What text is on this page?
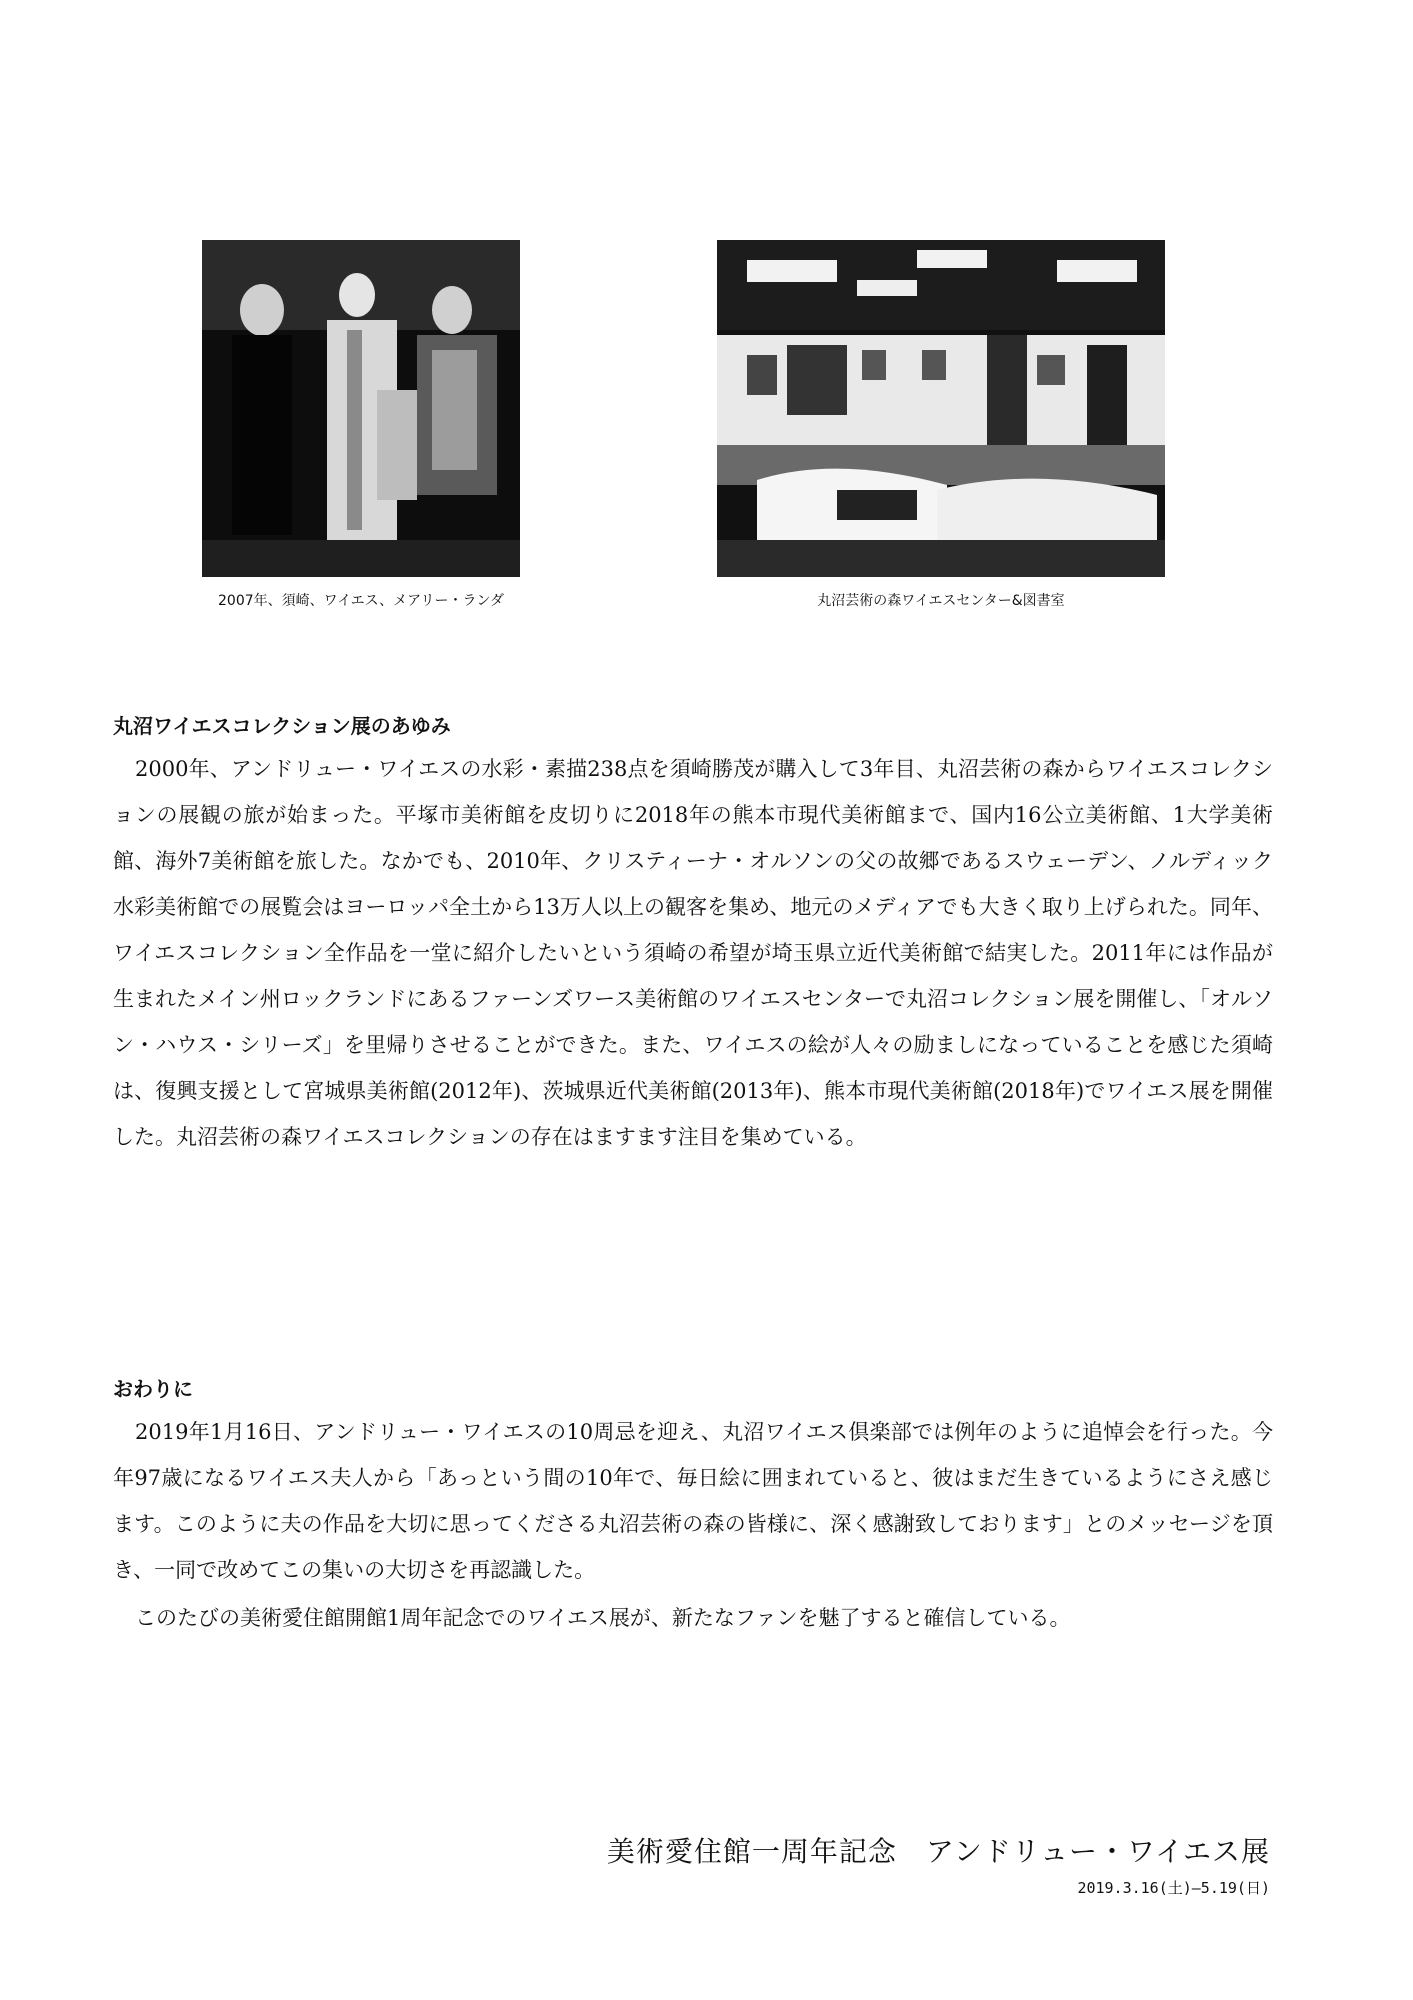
2007年、須崎、ワイエス、メアリー・ランダ	丸沼芸術の森ワイエスセンター&図書室
丸沼ワイエスコレクション展のあゆみ
2000年、アンドリュー・ワイエスの水彩・素描238点を須崎勝茂が購入して3年目、丸沼芸術の森からワイエスコレクションの展観の旅が始まった。平塚市美術館を皮切りに2018年の熊本市現代美術館まで、国内16公立美術館、1大学美術館、海外7美術館を旅した。なかでも、2010年、クリスティーナ・オルソンの父の故郷であるスウェーデン、ノルディック水彩美術館での展覧会はヨーロッパ全土から13万人以上の観客を集め、地元のメディアでも大きく取り上げられた。同年、ワイエスコレクション全作品を一堂に紹介したいという須崎の希望が埼玉県立近代美術館で結実した。2011年には作品が生まれたメイン州ロックランドにあるファーンズワース美術館のワイエスセンターで丸沼コレクション展を開催し、「オルソン・ハウス・シリーズ」を里帰りさせることができた。また、ワイエスの絵が人々の励ましになっていることを感じた須崎は、復興支援として宮城県美術館(2012年)、茨城県近代美術館(2013年)、熊本市現代美術館(2018年)でワイエス展を開催した。丸沼芸術の森ワイエスコレクションの存在はますます注目を集めている。
おわりに
2019年1月16日、アンドリュー・ワイエスの10周忌を迎え、丸沼ワイエス倶楽部では例年のように追悼会を行った。今年97歳になるワイエス夫人から「あっという間の10年で、毎日絵に囲まれていると、彼はまだ生きているようにさえ感じます。このように夫の作品を大切に思ってくださる丸沼芸術の森の皆様に、深く感謝致しております」とのメッセージを頂き、一同で改めてこの集いの大切さを再認識した。
このたびの美術愛住館開館1周年記念でのワイエス展が、新たなファンを魅了すると確信している。
美術愛住館一周年記念　アンドリュー・ワイエス展
2019.3.16(土)—5.19(日)
